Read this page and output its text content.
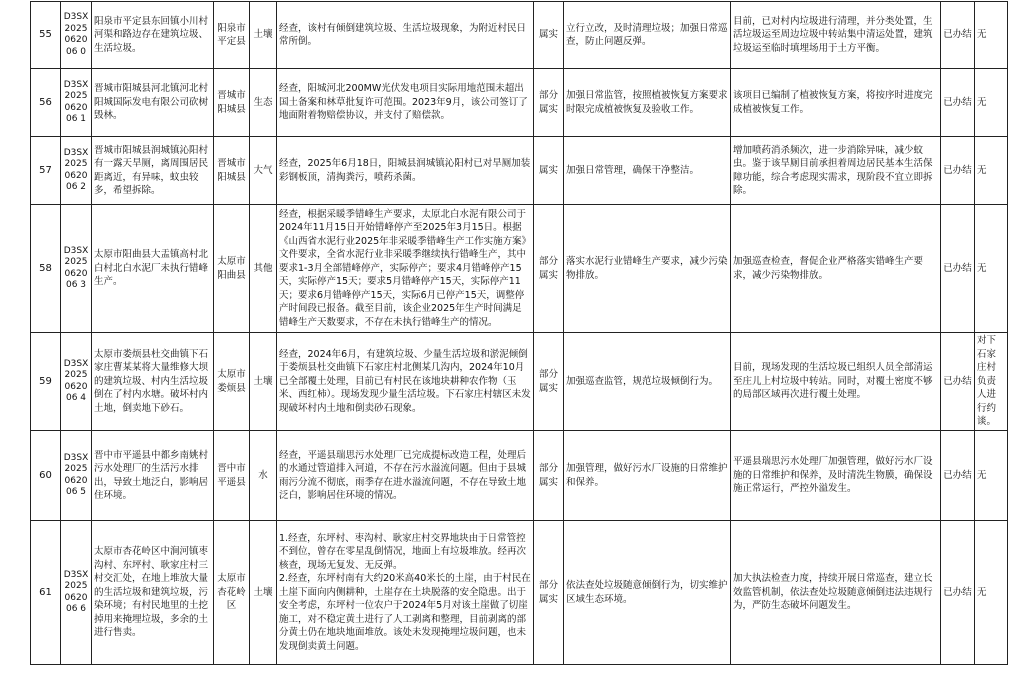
55	D3SX2025062006 0	阳泉市平定县东回镇小川村河渠和路边存在建筑垃圾、生活垃圾。	阳泉市平定县	土壤	经查，该村有倾倒建筑垃圾、生活垃圾现象，为附近村民日常所倒。	属实	立行立改，及时清理垃圾；加强日常巡查，防止问题反弹。	目前，已对村内垃圾进行清理，并分类处置，生活垃圾运至周边垃圾中转站集中清运处置，建筑垃圾运至临时填埋场用于土方平衡。	已办结	无
56	D3SX2025062006 1	晋城市阳城县河北镇河北村阳城国际发电有限公司砍树毁林。	晋城市阳城县	生态	经查，阳城河北200MW光伏发电项目实际用地范围未超出国土备案和林草批复许可范围。2023年9月，该公司签订了地面附着物赔偿协议，并支付了赔偿款。	部分属实	加强日常监管，按照植被恢复方案要求时限完成植被恢复及验收工作。	该项目已编制了植被恢复方案，将按序时进度完成植被恢复工作。	已办结	无
57	D3SX2025062006 2	晋城市阳城县润城镇沁阳村有一露天旱厕，离周围居民距离近，有异味，蚊虫较多，希望拆除。	晋城市阳城县	大气	经查，2025年6月18日，阳城县润城镇沁阳村已对旱厕加装彩钢板顶，清掏粪污，喷药杀菌。	属实	加强日常管理，确保干净整洁。	增加喷药消杀频次，进一步消除异味，减少蚊虫。鉴于该旱厕目前承担着周边居民基本生活保障功能，综合考虑现实需求，现阶段不宜立即拆除。	已办结	无
58	D3SX2025062006 3	太原市阳曲县大盂镇高村北白村北白水泥厂未执行错峰生产。	太原市阳曲县	其他	经查，根据采暖季错峰生产要求，太原北白水泥有限公司于2024年11月15日开始错峰停产至2025年3月15日。根据《山西省水泥行业2025年非采暖季错峰生产工作实施方案》文件要求，全省水泥行业非采暖季继续执行错峰生产，其中要求1-3月全部错峰停产，实际停产；要求4月错峰停产15天，实际停产15天；要求5月错峰停产15天，实际停产11天；要求6月错峰停产15天，实际6月已停产15天，调整停产时间段已报备。截至目前，该企业2025年生产时间满足错峰生产天数要求，不存在未执行错峰生产的情况。	部分属实	落实水泥行业错峰生产要求，减少污染物排放。	加强巡查检查，督促企业严格落实错峰生产要求，减少污染物排放。	已办结	无
59	D3SX2025062006 4	太原市娄烦县杜交曲镇下石家庄曹某某将大量维修大坝的建筑垃圾、村内生活垃圾倒在了村内水塘。破坏村内土地，倒卖地下砂石。	太原市娄烦县	土壤	经查，2024年6月，有建筑垃圾、少量生活垃圾和淤泥倾倒于娄烦县杜交曲镇下石家庄村北侧某几沟内，2024年10月已全部覆土处理，目前已有村民在该地块耕种农作物（玉米、西红柿）。现场发现少量生活垃圾。下石家庄村辖区未发现破坏村内土地和倒卖砂石现象。	部分属实	加强巡查监管，规范垃圾倾倒行为。	目前，现场发现的生活垃圾已组织人员全部清运至庄儿上村垃圾中转站。同时，对覆土密度不够的局部区域再次进行覆土处理。	已办结	对下石家庄村负责人进行约谈。
60	D3SX2025062006 5	晋中市平遥县中都乡南姚村污水处理厂的生活污水排出，导致土地泛白，影响居住环境。	晋中市平遥县	水	经查，平遥县瑞思污水处理厂已完成提标改造工程，处理后的水通过管道排入河道，不存在污水溢流问题。但由于县城雨污分流不彻底，雨季存在进水溢流问题，不存在导致土地泛白，影响居住环境的情况。	部分属实	加强管理，做好污水厂设施的日常维护和保养。	平遥县瑞思污水处理厂加强管理，做好污水厂设施的日常维护和保养，及时清洗生物膜，确保设施正常运行，严控外溢发生。	已办结	无
61	D3SX2025062006 6	太原市杏花岭区中涧河镇枣沟村、东坪村、耿家庄村三村交汇处，在地上堆放大量的生活垃圾和建筑垃圾，污染环境；有村民地里的土挖掉用来掩埋垃圾，多余的土进行售卖。	太原市杏花岭区	土壤	1.经查，东坪村、枣沟村、耿家庄村交界地块由于日常管控不到位，曾存在零星乱倒情况，地面上有垃圾堆放。经再次核查，现场无复发、无反弹。
2.经查，东坪村南有大约20米高40米长的土崖，由于村民在土崖下面向内侧耕种，土崖存在土块脱落的安全隐患。出于安全考虑，东坪村一位农户于2024年5月对该土崖做了切崖施工，对不稳定黄土进行了人工剥离和整理，目前剥离的部分黄土仍在地块地面堆放。该处未发现掩埋垃圾问题，也未发现倒卖黄土问题。	部分属实	依法查处垃圾随意倾倒行为，切实维护区域生态环境。	加大执法检查力度，持续开展日常巡查，建立长效监管机制，依法查处垃圾随意倾倒违法违规行为，严防生态破坏问题发生。	已办结	无
